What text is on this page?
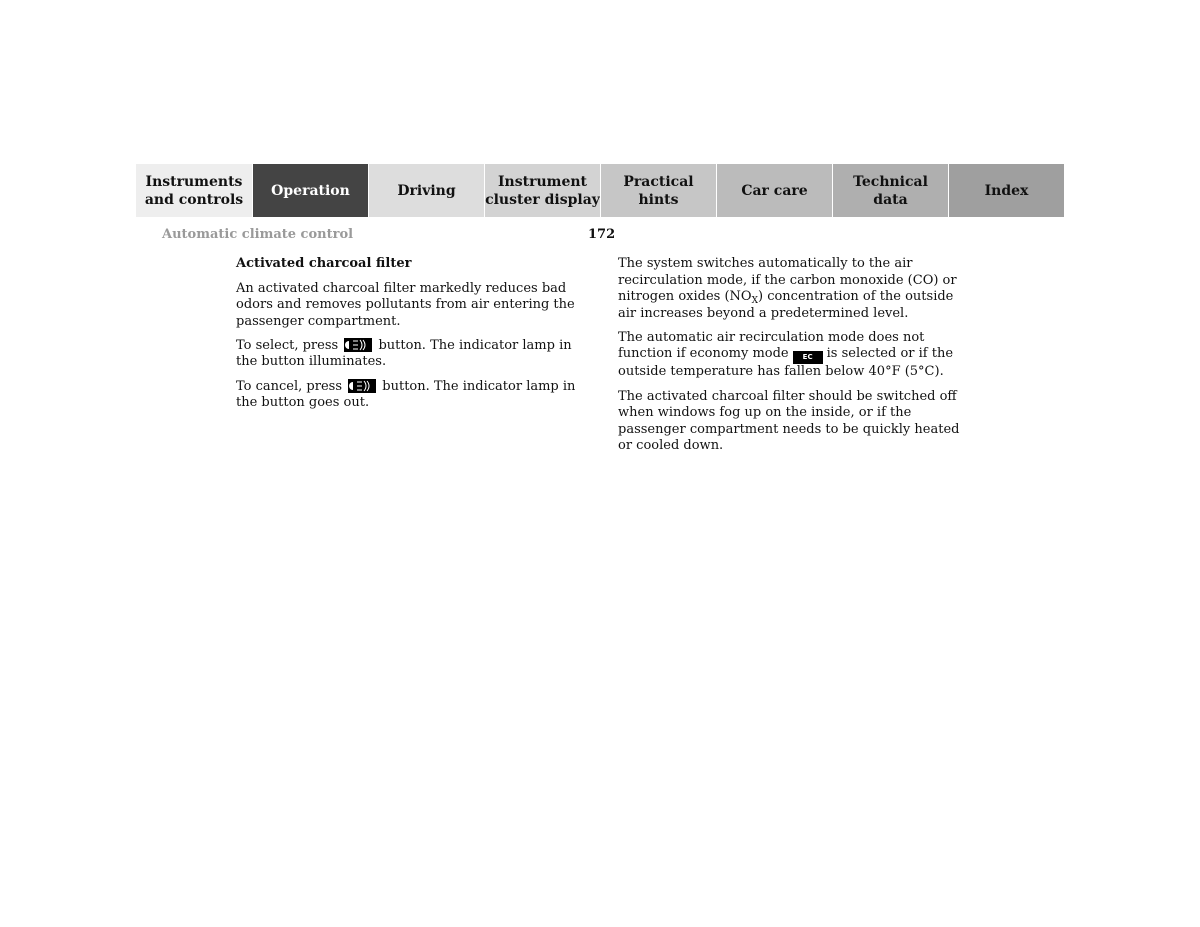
Instruments
and controls
Operation	Driving
Instrument
cluster display
Practical hints
Car care
Technical
data
Index
Automatic climate control	172

Activated charcoal filter

An activated charcoal filter markedly reduces bad odors and removes pollutants from air entering the passenger compartment.

To select, press	button. The indicator lamp in the button illuminates.

To cancel, press	button. The indicator lamp in the button goes out.

The system switches automatically to the air recirculation mode, if the carbon monoxide (CO) or nitrogen oxides $(NO_X)$ concentration of the outside air increases beyond a predetermined level.

The automatic air recirculation mode does not function if economy mode EC is selected or if the outside temperature has fallen below 40°F (5°C).

The activated charcoal filter should be switched off when windows fog up on the inside, or if the passenger compartment needs to be quickly heated or cooled down.
